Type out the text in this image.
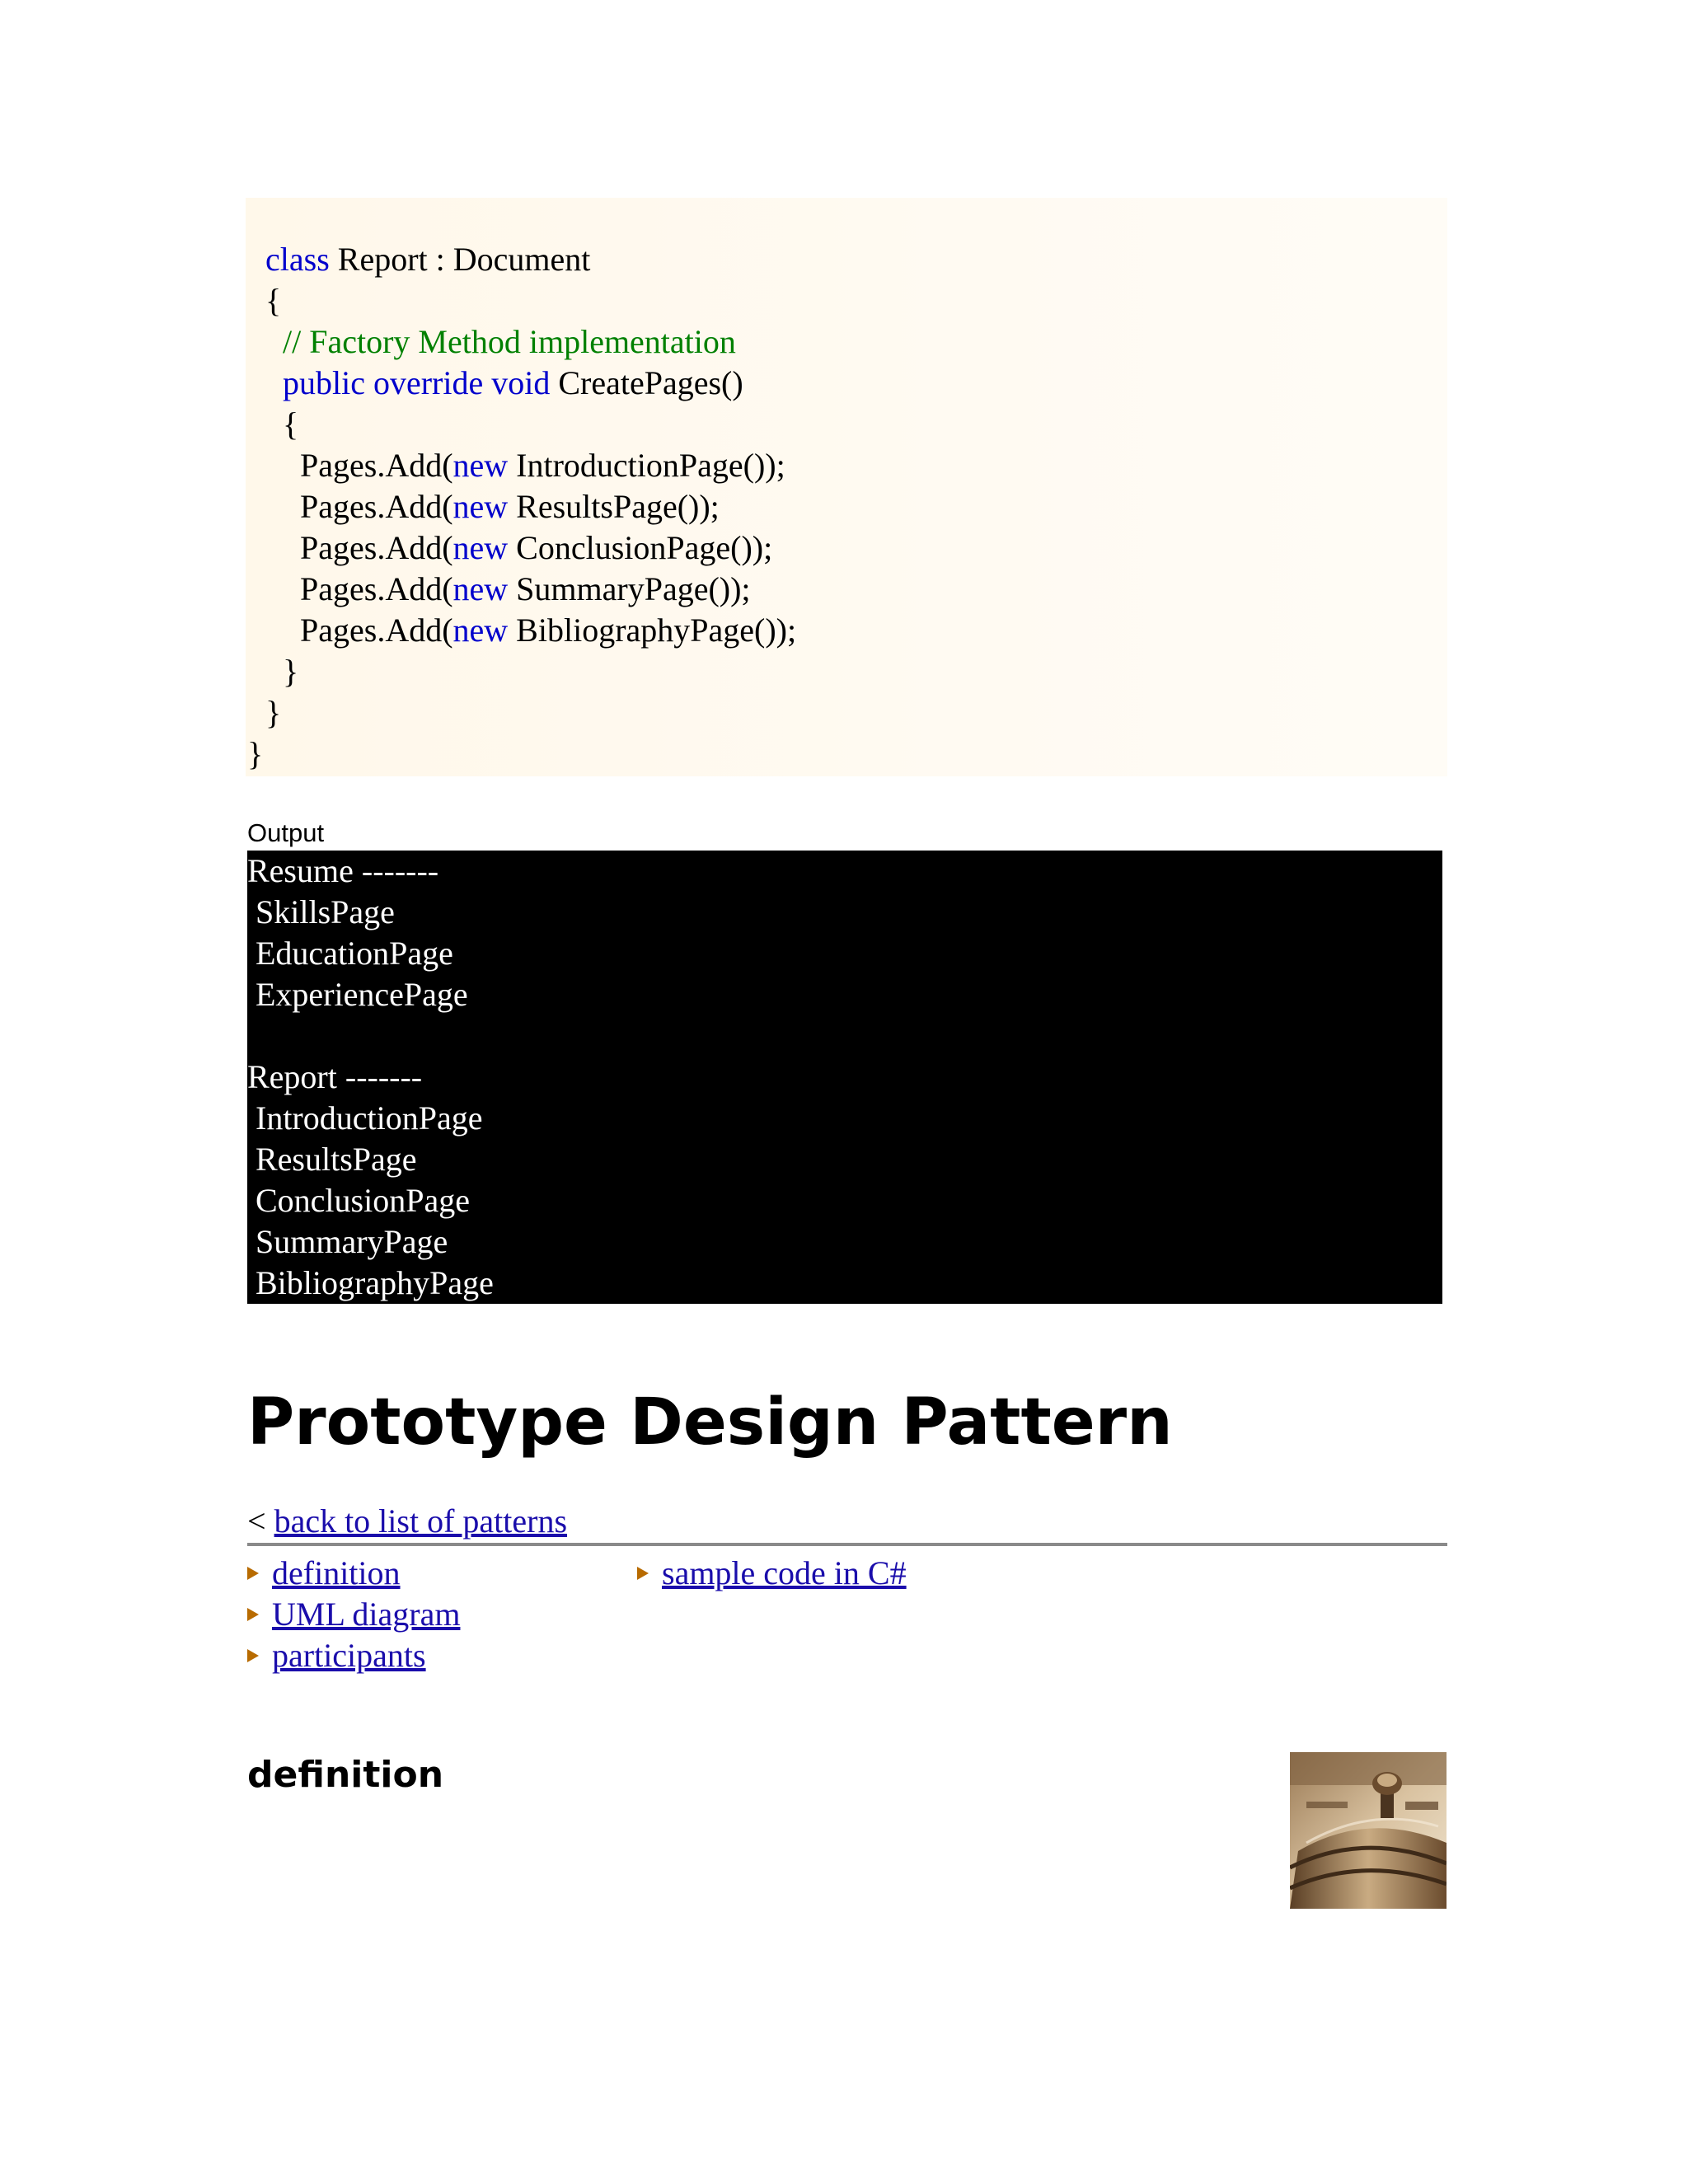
class Report : Document
{
// Factory Method implementation
public override void CreatePages()
{
Pages.Add(new IntroductionPage());
Pages.Add(new ResultsPage());
Pages.Add(new ConclusionPage());
Pages.Add(new SummaryPage());
Pages.Add(new BibliographyPage());
}
}
}
Output
Resume -------
SkillsPage
EducationPage
ExperiencePage
Report -------
IntroductionPage
ResultsPage
ConclusionPage
SummaryPage
BibliographyPage
Prototype Design Pattern
< back to list of patterns
definition
UML diagram
participants
sample code in C#
definition
